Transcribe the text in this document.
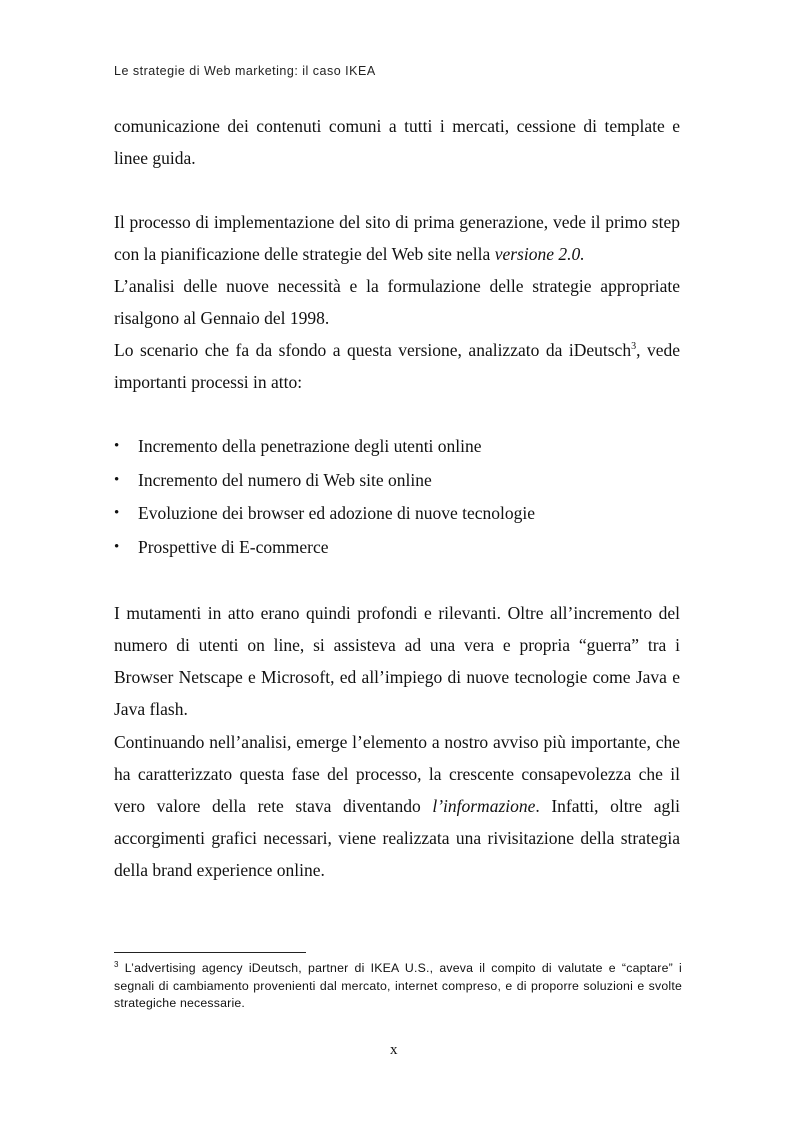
Le strategie di Web marketing: il caso IKEA
comunicazione dei contenuti comuni a tutti i mercati, cessione di template e linee guida.
Il processo di implementazione del sito di prima generazione, vede il primo step con la pianificazione delle strategie del Web site nella versione 2.0.
L’analisi delle nuove necessità e la formulazione delle strategie appropriate risalgono al Gennaio del 1998.
Lo scenario che fa da sfondo a questa versione, analizzato da iDeutsch$^3$, vede importanti processi in atto:
• Incremento della penetrazione degli utenti online
• Incremento del numero di Web site online
• Evoluzione dei browser ed adozione di nuove tecnologie
• Prospettive di E-commerce
I mutamenti in atto erano quindi profondi e rilevanti. Oltre all’incremento del numero di utenti on line, si assisteva ad una vera e propria “guerra” tra i Browser Netscape e Microsoft, ed all’impiego di nuove tecnologie come Java e Java flash.
Continuando nell’analisi, emerge l’elemento a nostro avviso più importante, che ha caratterizzato questa fase del processo, la crescente consapevolezza che il vero valore della rete stava diventando l’informazione. Infatti, oltre agli accorgimenti grafici necessari, viene realizzata una rivisitazione della strategia della brand experience online.
$^3$ L’advertising agency iDeutsch, partner di IKEA U.S., aveva il compito di valutate e “captare” i segnali di cambiamento provenienti dal mercato, internet compreso, e di proporre soluzioni e svolte strategiche necessarie.
x
